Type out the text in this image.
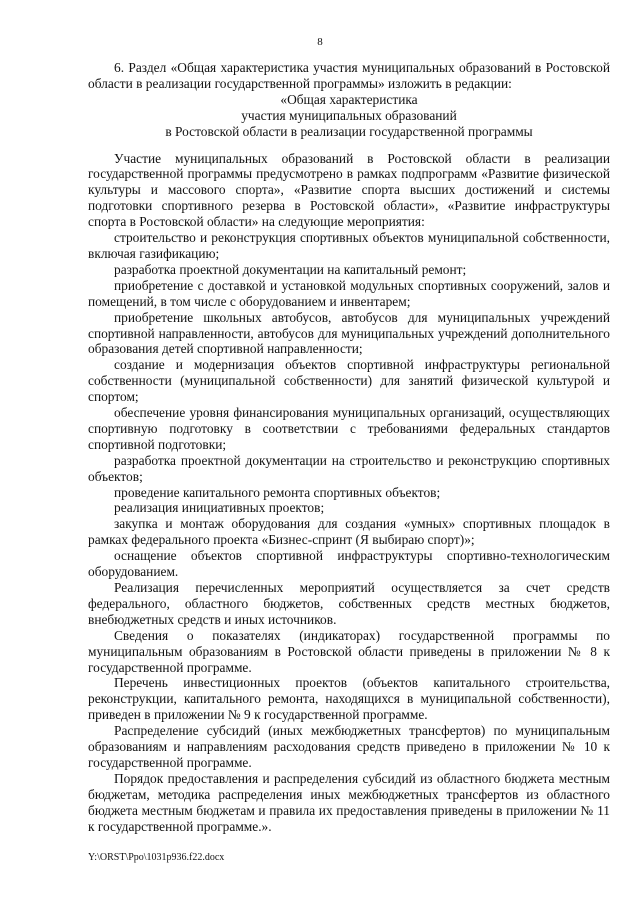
8

6. Раздел «Общая характеристика участия муниципальных образований в Ростовской области в реализации государственной программы» изложить в редакции:

«Общая характеристика

участия муниципальных образований

в Ростовской области в реализации государственной программы

Участие муниципальных образований в Ростовской области в реализации государственной программы предусмотрено в рамках подпрограмм «Развитие физической культуры и массового спорта», «Развитие спорта высших достижений и системы подготовки спортивного резерва в Ростовской области», «Развитие инфраструктуры спорта в Ростовской области» на следующие мероприятия:

строительство и реконструкция спортивных объектов муниципальной собственности, включая газификацию;

разработка проектной документации на капитальный ремонт;

приобретение с доставкой и установкой модульных спортивных сооружений, залов и помещений, в том числе с оборудованием и инвентарем;

приобретение школьных автобусов, автобусов для муниципальных учреждений спортивной направленности, автобусов для муниципальных учреждений дополнительного образования детей спортивной направленности;

создание и модернизация объектов спортивной инфраструктуры региональной собственности (муниципальной собственности) для занятий физической культурой и спортом;

обеспечение уровня финансирования муниципальных организаций, осуществляющих спортивную подготовку в соответствии с требованиями федеральных стандартов спортивной подготовки;

разработка проектной документации на строительство и реконструкцию спортивных объектов;

проведение капитального ремонта спортивных объектов;

реализация инициативных проектов;

закупка и монтаж оборудования для создания «умных» спортивных площадок в рамках федерального проекта «Бизнес-спринт (Я выбираю спорт)»;

оснащение объектов спортивной инфраструктуры спортивно-технологическим оборудованием.

Реализация перечисленных мероприятий осуществляется за счет средств федерального, областного бюджетов, собственных средств местных бюджетов, внебюджетных средств и иных источников.

Сведения о показателях (индикаторах) государственной программы по муниципальным образованиям в Ростовской области приведены в приложении № 8 к государственной программе.

Перечень инвестиционных проектов (объектов капитального строительства, реконструкции, капитального ремонта, находящихся в муниципальной собственности), приведен в приложении № 9 к государственной программе.

Распределение субсидий (иных межбюджетных трансфертов) по муниципальным образованиям и направлениям расходования средств приведено в приложении № 10 к государственной программе.

Порядок предоставления и распределения субсидий из областного бюджета местным бюджетам, методика распределения иных межбюджетных трансфертов из областного бюджета местным бюджетам и правила их предоставления приведены в приложении № 11 к государственной программе.».

Y:\ORST\Ppo\1031p936.f22.docx
